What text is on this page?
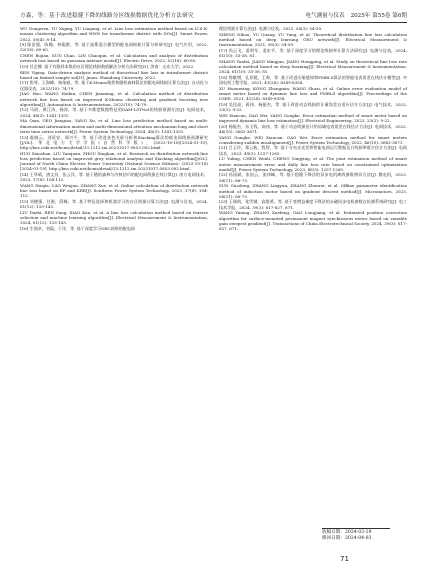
方森，等：基于改进稳健下降的线路分区线损数据优化分析方法研究	电气测量与仪表 2025年 第55卷 第6期

WU Dongwen, YU Xiqing, YU Liugang, et al. Line loss estimation method based on ICS-K-means clustering algorithm and WNN for transformer district with DGs[J]. Smart Power, 2022, 50(4): 8-14.

[9] 陈田超，陈翰，林聪群，等. 基于高斯混合模型的配电网损耗计算分析研究[J]. 电气应用，2022, 52(18): 60-65.

CHEN Bojian, XUN Chao, LIN Chaoqun, et al. Calculation and analysis of distribution network loss based on gaussian mixture model[J]. Electric Drive, 2022, 52(18): 60-65.

[10] 任艺娜. 基于有限样本集的台区理论线损数值解法分析方法研究[D]. 济南：山东大学，2022.

REN Yiping. Data-driven analysis method of theoretical line loss in transformer district based on limited sample set[D]. Jinan: Shandong University, 2022.

[11] 焦琴，王海峰，杨灿斌，等. 基于K-Means聚类和随机森林算法的配电网线损计算方法[J]. 自动化与仪器仪表，2022(10): 74-79.

JIAO Hao, WANG Haifan, CHEN Jianming, et al. Calculation method of distribution network line loss based on improved K-Means clustering and gradient boosting tree algorithm[J]. Automation & Instrumentation, 2022(10): 74-79.

[12] 马倩，黄江涛，杨涛，等. 基于多维度数据特征的DAM-LSTNet的线损预测方法[J]. 电网技术，2024, 48(3): 1341-1351.

MA Qian, GEO Jiangtao, YANG Xu, et al. Line loss prediction method based on multi-dimensional information matrix and multi-dimensional attention mechanism-long and short term time series network[J]. Power System Technology, 2024, 48(3): 1341-1351.

[13] 霍晓云，刘延安，邢兴平，等. 基于改进灰色关联分析和Stacking算法的低电网线损预测研究[J/OL]. 华北电力大学学报(自然科学版)，(2023-10-18)[2024-01-19]. http://kns.cnki.net/kcms/detail/13.1212.tm.20231017.0853.002.html.

HUO Xiaoshan, LIU Yanquan, ZHOU Xinghan, et al. Research on distribution network line loss prediction based on improved grey relational analysis and Stacking algorithm[J/OL]. Journal of North China Electric Power University (Natural Science Edition): (2023-10-18)[2024-01-19]. http://kns.cnki.net/kcms/detail/13.1212.tm.20231017.0853.002.html.

[14] 王华靖，唐文昌，张云洋，等. 基于随机森林与内核回归的配电网线损在线计算[J]. 南方电网技术，2023, 17(8): 104-112.

WANG Huajia, CAO Wenjun, ZHANG Xue, et al. Online calculation of distribution network line loss based on RF and KRR[J]. Southern Power System Technology, 2023, 17(8): 104-112.

[15] 刘德强，任源，薛峰，等. 基于特征选择和机器学习的台区线损计算方法[J]. 电测与仪表，2024, 61(12): 133-143.

LIU Dazhi, REN Sang, XIAO Kun, et al. A line loss calculation method based on feature selection and machine learning algorithm[J]. Electrical Measurement & Instrumentation, 2024, 61(12): 133-143.

[16] 生润卓，刘葆，于洋，等. 基于深度学习GRU网络的配电网

理论线损计算方法[J]. 电测与仪表，2021, 58(3): 54-59.

SHENG Nikou, YU Quang, YU Yang, et al. Theoretical distribution line loss calculation method based on deep learning GRU network[J]. Electrical Measurement & Instrumentation, 2021, 58(3): 54-59.

[17] 尚云飞，姜明军，姜宏平，等. 基于深度学习的理论线损率计算方法研究[J]. 电测与仪表，2024, 61(10): 33-38, 81.

SHANG Yunfei, JIANG Mingjun, JIANG Hongping, et al. Study on theoretical line loss rate calculation method based on deep learning[J]. Electrical Measurement & Instrumentation, 2024, 61(10): 33-38, 81.

[18] 徐雅增，孔祥媛，王帅，等. 基于改进压缩感知和FMBLS算法的智能电表误差在线估计模型[J]. 中国电机工程学报，2021, 41(24): 8349-8358.

XU Huanwang, KONG Zhongmin, WANG Shuai, et al. Online error evaluation model of smart meter based on dynamic line loss and FMBLS algorithm[J]. Proceedings of the CSEE, 2021, 41(24): 8349-8358.

[19] 吴佳高，蒋伟，杨振杰，等. 基于改进动态线损的计量误差自适应估计方法[J]. 电气技术，2022, 23(2): 9-22.

WEI Xiancan, GAO Wei, YANG Gongke. Error estimation method of smart meter based on improved dynamic line loss estimation[J]. Electrical Engineering, 2022, 23(2): 9-22.

[20] 杨振杰，东玉钱，高伟，等. 基于动态线损估计的局域电表误差在线估计方法[J]. 电网技术，2022, 46(10): 3662-3671.

YANG Gongke, WEI Xiancan, GAO Wei. Error estimation method for smart meters considering sudden misalignment[J]. Power System Technology, 2022, 46(10): 3662-3671.

[21] 吕玉玲，郑云秋，程智，等. 基于分布式光伏和智能电网运行数据及日线损率联合估计方法[J]. 电网技术，2023, 49(3): 1257-1265.

LU Yuling, CHEN Wenli, CHENG Yingying, et al. The joint estimation method of smart meter measurement error and daily line loss rate based on constrained optimization model[J]. Power System Technology, 2023, 49(3): 1257-1265.

[22] 孙国斌，张国云，张伟峰，等. 基于稳健下降法的异步电机离线参数辨识方法[J]. 微电机，2023, 56(11): 66-73.

SUN Guodong, ZHANG Lingyun, ZHANG Zhenrui, et al. Offline parameter identification method of induction motor based on gradient descent method[J]. Micromotors, 2023, 56(11): 66-73.

[23] 王瑞明，张雪钢，高俊勇，等. 基于变增益梯度下降法的永磁同步电机参数自检测系统研究[J]. 电工技术学报，2024, 39(3): 617-627, 671.

WANG Yiming, ZHANG Xuefeng, GAO Longjiang, et al. Estimated position correction algorithm for surface-mounted permanent magnet synchronous motor based on variable gain steepest gradient[J]. Transactions of China Electrotechnical Society, 2024, 39(3): 617-627, 671.

收稿日期：2024-03-19
修回日期：2024-04-03
71
